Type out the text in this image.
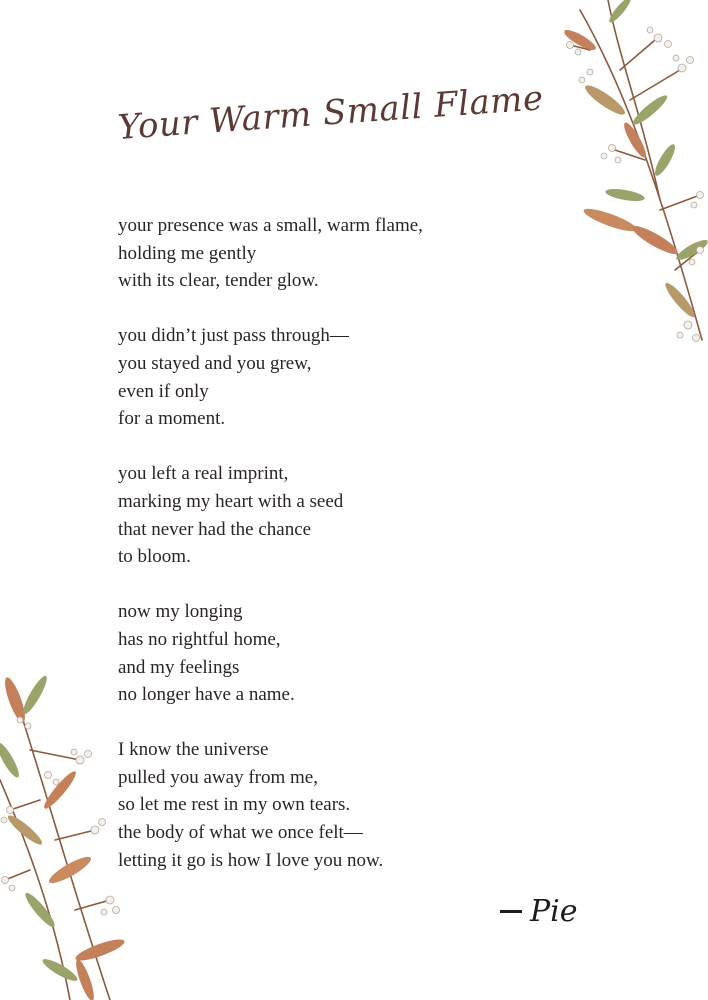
Your Warm Small Flame
your presence was a small, warm flame,
holding me gently
with its clear, tender glow.
you didn’t just pass through—
you stayed and you grew,
even if only
for a moment.
you left a real imprint,
marking my heart with a seed
that never had the chance
to bloom.
now my longing
has no rightful home,
and my feelings
no longer have a name.
I know the universe
pulled you away from me,
so let me rest in my own tears.
the body of what we once felt—
letting it go is how I love you now.
Pie
